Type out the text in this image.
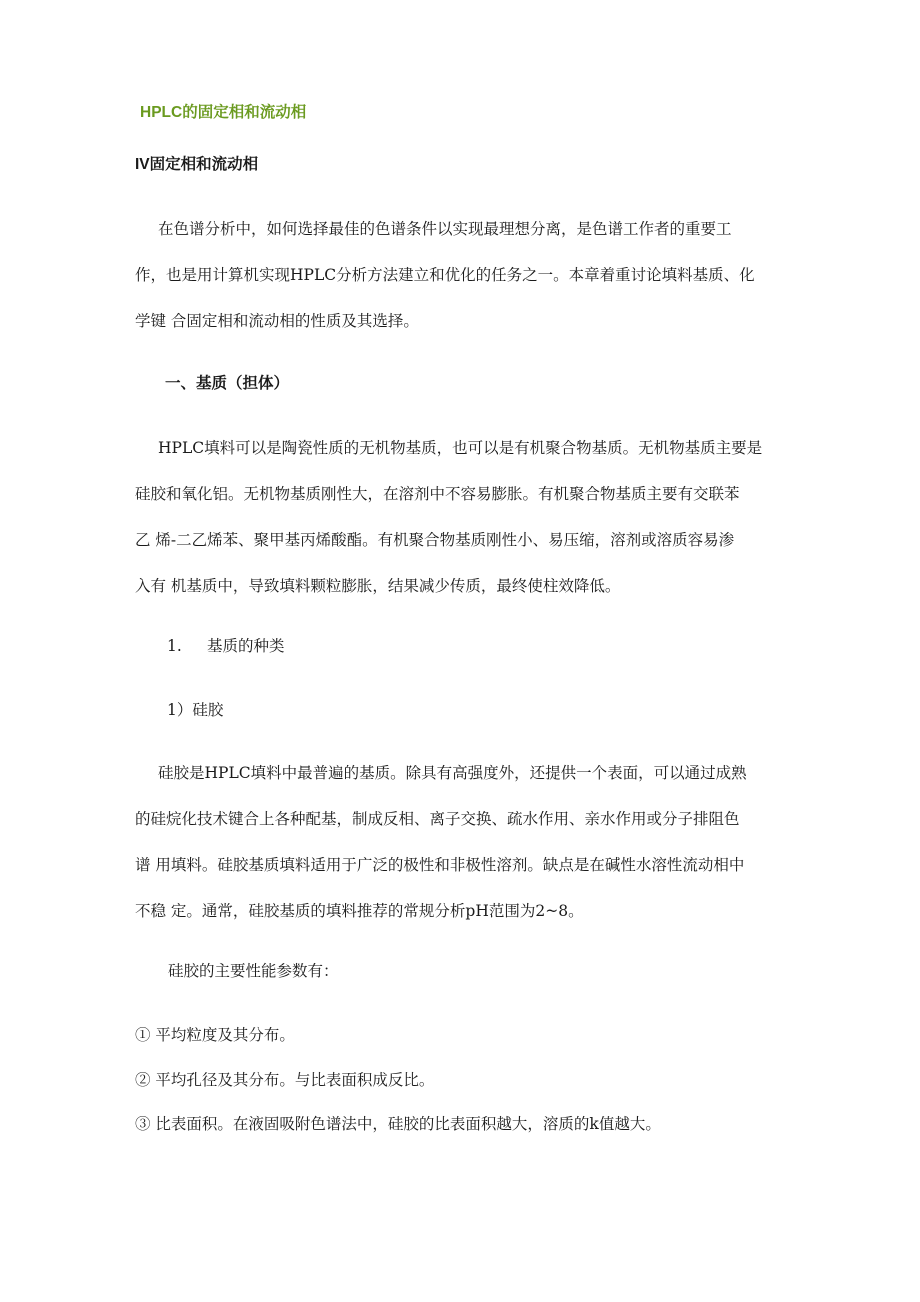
HPLC的固定相和流动相
IV固定相和流动相
在色谱分析中，如何选择最佳的色谱条件以实现最理想分离，是色谱工作者的重要工
作，也是用计算机实现HPLC分析方法建立和优化的任务之一。本章着重讨论填料基质、化
学键 合固定相和流动相的性质及其选择。
一、基质（担体）
HPLC填料可以是陶瓷性质的无机物基质，也可以是有机聚合物基质。无机物基质主要是
硅胶和氧化铝。无机物基质刚性大，在溶剂中不容易膨胀。有机聚合物基质主要有交联苯
乙 烯-二乙烯苯、聚甲基丙烯酸酯。有机聚合物基质刚性小、易压缩，溶剂或溶质容易渗
入有 机基质中，导致填料颗粒膨胀，结果减少传质，最终使柱效降低。
1. 基质的种类
1）硅胶
硅胶是HPLC填料中最普遍的基质。除具有高强度外，还提供一个表面，可以通过成熟
的硅烷化技术键合上各种配基，制成反相、离子交换、疏水作用、亲水作用或分子排阻色
谱 用填料。硅胶基质填料适用于广泛的极性和非极性溶剂。缺点是在碱性水溶性流动相中
不稳 定。通常，硅胶基质的填料推荐的常规分析pH范围为2~8。
硅胶的主要性能参数有：
① 平均粒度及其分布。
② 平均孔径及其分布。与比表面积成反比。
③ 比表面积。在液固吸附色谱法中，硅胶的比表面积越大，溶质的k值越大。
